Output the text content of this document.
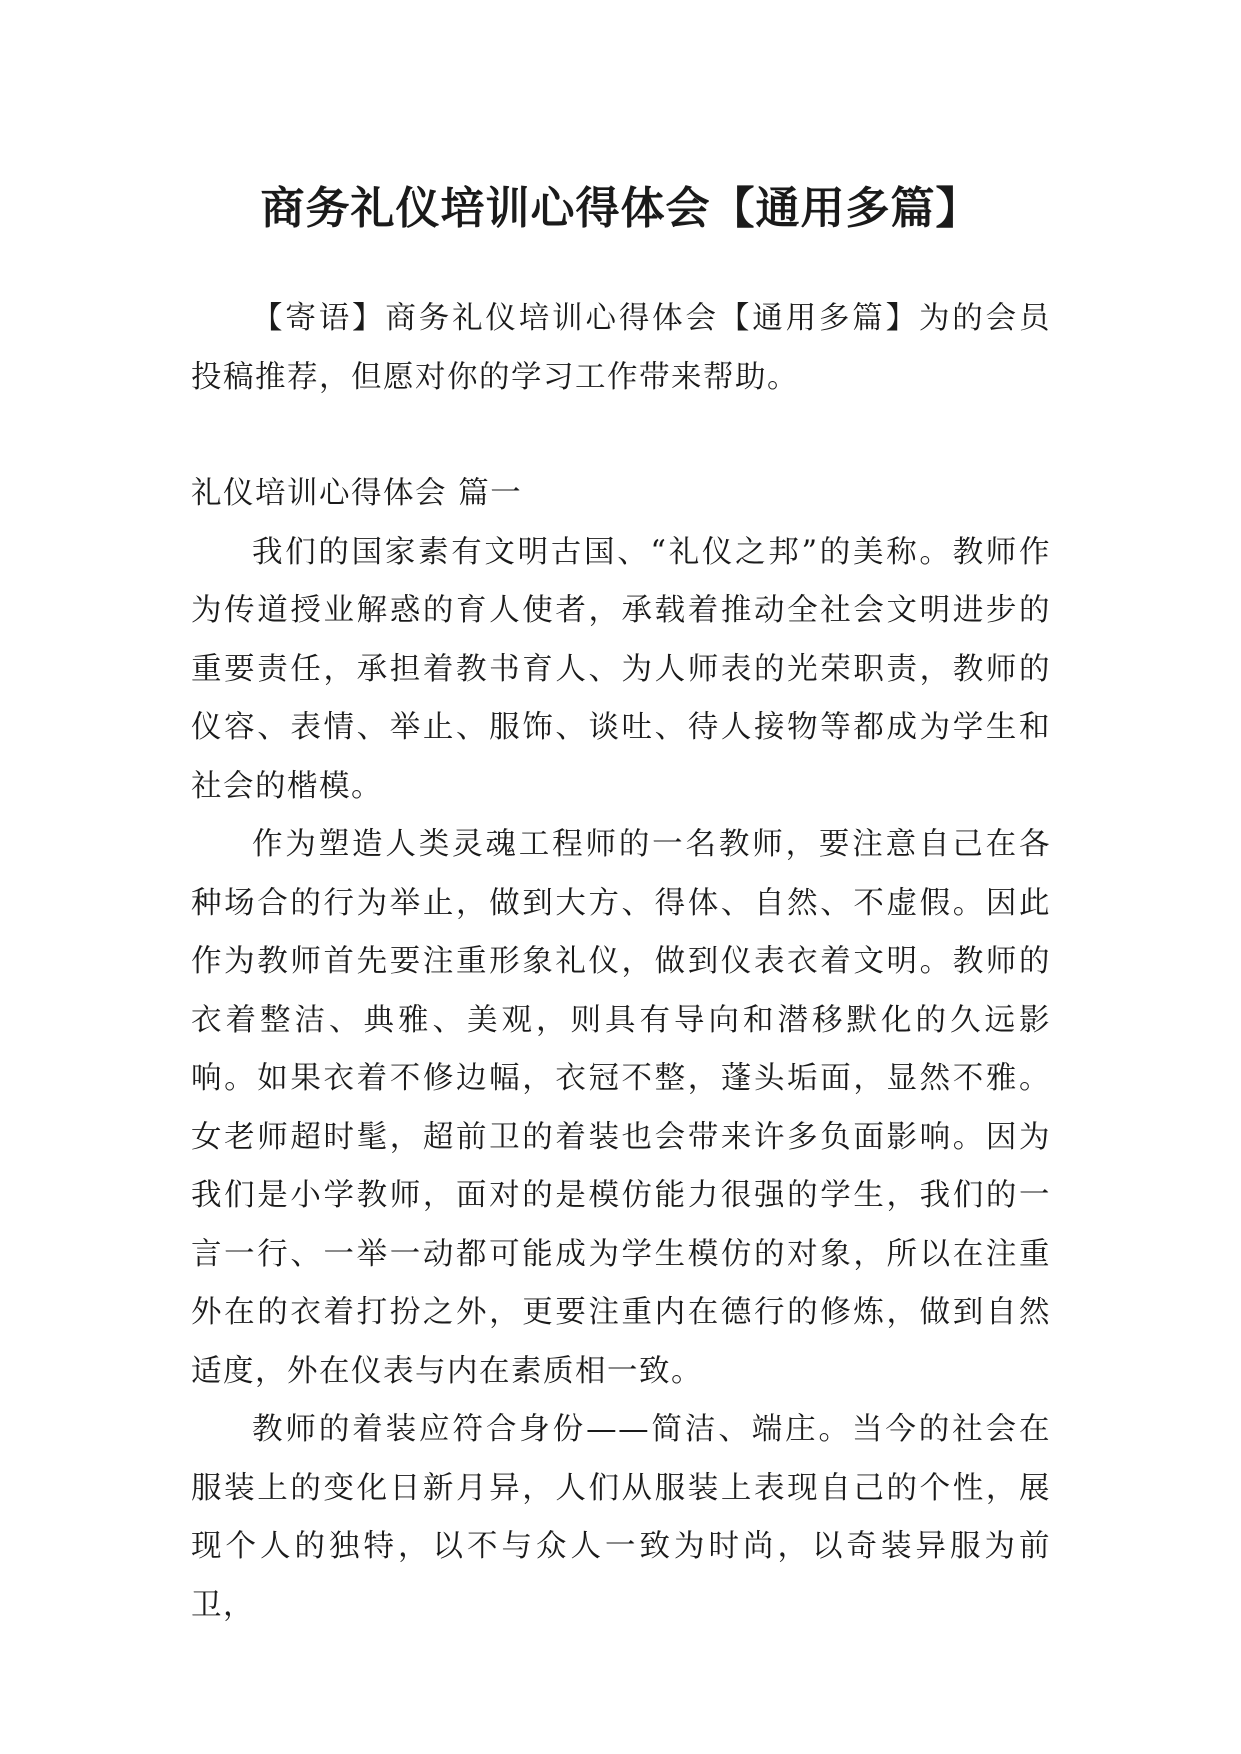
商务礼仪培训心得体会【通用多篇】

【寄语】商务礼仪培训心得体会【通用多篇】为的会员投稿推荐，但愿对你的学习工作带来帮助。

礼仪培训心得体会 篇一

我们的国家素有文明古国、“礼仪之邦”的美称。教师作为传道授业解惑的育人使者，承载着推动全社会文明进步的重要责任，承担着教书育人、为人师表的光荣职责，教师的仪容、表情、举止、服饰、谈吐、待人接物等都成为学生和社会的楷模。

作为塑造人类灵魂工程师的一名教师，要注意自己在各种场合的行为举止，做到大方、得体、自然、不虚假。因此作为教师首先要注重形象礼仪，做到仪表衣着文明。教师的衣着整洁、典雅、美观，则具有导向和潜移默化的久远影响。如果衣着不修边幅，衣冠不整，蓬头垢面，显然不雅。女老师超时髦，超前卫的着装也会带来许多负面影响。因为我们是小学教师，面对的是模仿能力很强的学生，我们的一言一行、一举一动都可能成为学生模仿的对象，所以在注重外在的衣着打扮之外，更要注重内在德行的修炼，做到自然适度，外在仪表与内在素质相一致。

教师的着装应符合身份——简洁、端庄。当今的社会在服装上的变化日新月异，人们从服装上表现自己的个性，展现个人的独特，以不与众人一致为时尚，以奇装异服为前卫，
